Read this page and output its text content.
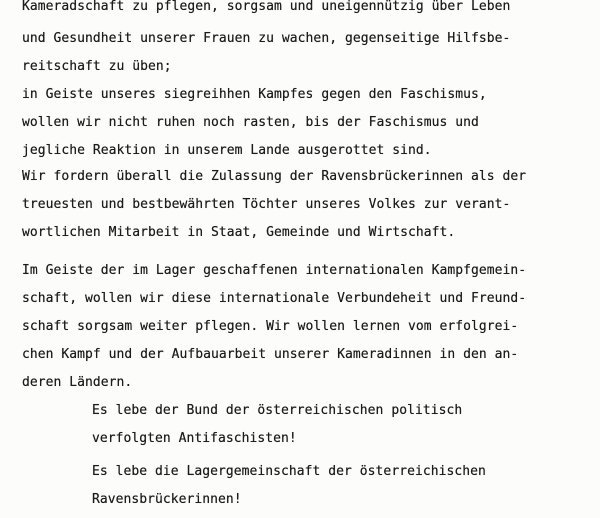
Kameradschaft zu pflegen, sorgsam und uneigennützig über Leben

und Gesundheit unserer Frauen zu wachen, gegenseitige Hilfsbe-

reitschaft zu üben;

in Geiste unseres siegreihhen Kampfes gegen den Faschismus,

wollen wir nicht ruhen noch rasten, bis der Faschismus und

jegliche Reaktion in unserem Lande ausgerottet sind.

Wir fordern überall die Zulassung der Ravensbrückerinnen als der

treuesten und bestbewährten Töchter unseres Volkes zur verant-

wortlichen Mitarbeit in Staat, Gemeinde und Wirtschaft.

Im Geiste der im Lager geschaffenen internationalen Kampfgemein-

schaft, wollen wir diese internationale Verbundeheit und Freund-

schaft sorgsam weiter pflegen. Wir wollen lernen vom erfolgrei-

chen Kampf und der Aufbauarbeit unserer Kameradinnen in den an-

deren Ländern.

Es lebe der Bund der österreichischen politisch

verfolgten Antifaschisten!

Es lebe die Lagergemeinschaft der österreichischen

Ravensbrückerinnen!
